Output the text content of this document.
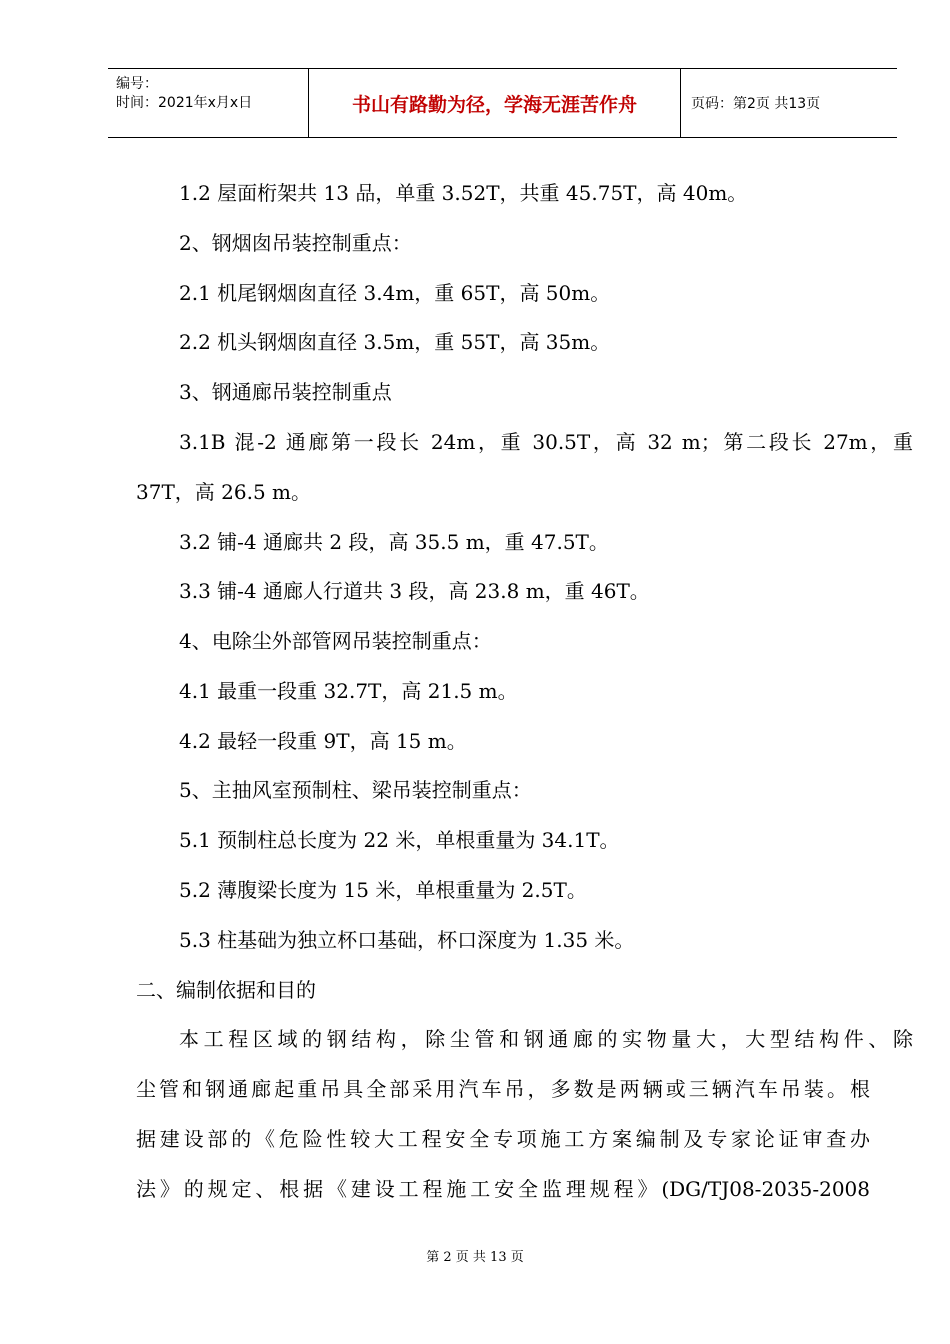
编号：
时间：2021年x月x日	书山有路勤为径，学海无涯苦作舟	页码：第2页 共13页
1.2 屋面桁架共 13 品，单重 3.52T，共重 45.75T，高 40m。
2、钢烟囱吊装控制重点：
2.1 机尾钢烟囱直径 3.4m，重 65T，高 50m。
2.2 机头钢烟囱直径 3.5m，重 55T，高 35m。
3、钢通廊吊装控制重点
3.1B 混-2 通廊第一段长 24m，重 30.5T，高 32 m；第二段长 27m，重
37T，高 26.5 m。
3.2 铺-4 通廊共 2 段，高 35.5 m，重 47.5T。
3.3 铺-4 通廊人行道共 3 段，高 23.8 m，重 46T。
4、电除尘外部管网吊装控制重点：
4.1 最重一段重 32.7T，高 21.5 m。
4.2 最轻一段重 9T，高 15 m。
5、主抽风室预制柱、梁吊装控制重点：
5.1 预制柱总长度为 22 米，单根重量为 34.1T。
5.2 薄腹梁长度为 15 米，单根重量为 2.5T。
5.3 柱基础为独立杯口基础，杯口深度为 1.35 米。
二、编制依据和目的
本工程区域的钢结构，除尘管和钢通廊的实物量大，大型结构件、除
尘管和钢通廊起重吊具全部采用汽车吊，多数是两辆或三辆汽车吊装。根
据建设部的《危险性较大工程安全专项施工方案编制及专家论证审查办
法》的规定、根据《建设工程施工安全监理规程》(DG/TJ08-2035-2008
第 2 页 共 13 页
